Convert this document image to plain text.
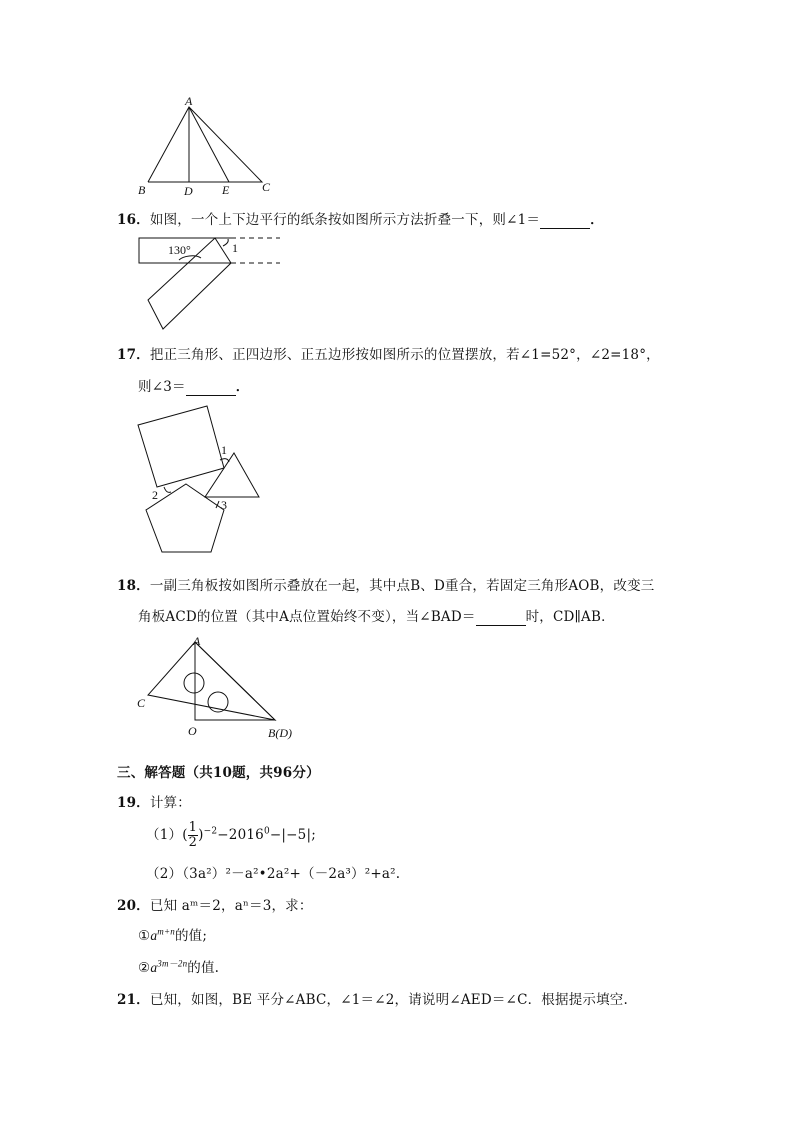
A
B	D E	C
16．如图，一个上下边平行的纸条按如图所示方法折叠一下，则∠1＝	．
130°	1
17．把正三角形、正四边形、正五边形按如图所示的位置摆放，若∠1=52°，∠2=18°，
则∠3＝	．
1
2
3
18．一副三角板按如图所示叠放在一起，其中点B、D重合，若固定三角形AOB，改变三
角板ACD的位置（其中A点位置始终不变），当∠BAD＝	时，CD∥AB．
A
C
O	B(D)
三、解答题（共10题，共96分）
19．计算：
$(1)( \frac{1}{2} )^{-2}-2016^0-|-5|$;
（2）（3a²）²－a²•2a²+（－2a³）²+a².
20．已知 aᵐ＝2，aⁿ＝3，求：
$①a^{m+n}$的值;
$②a^{3m-2n}$的值.
21．已知，如图，BE 平分∠ABC，∠1＝∠2，请说明∠AED＝∠C．根据提示填空.
